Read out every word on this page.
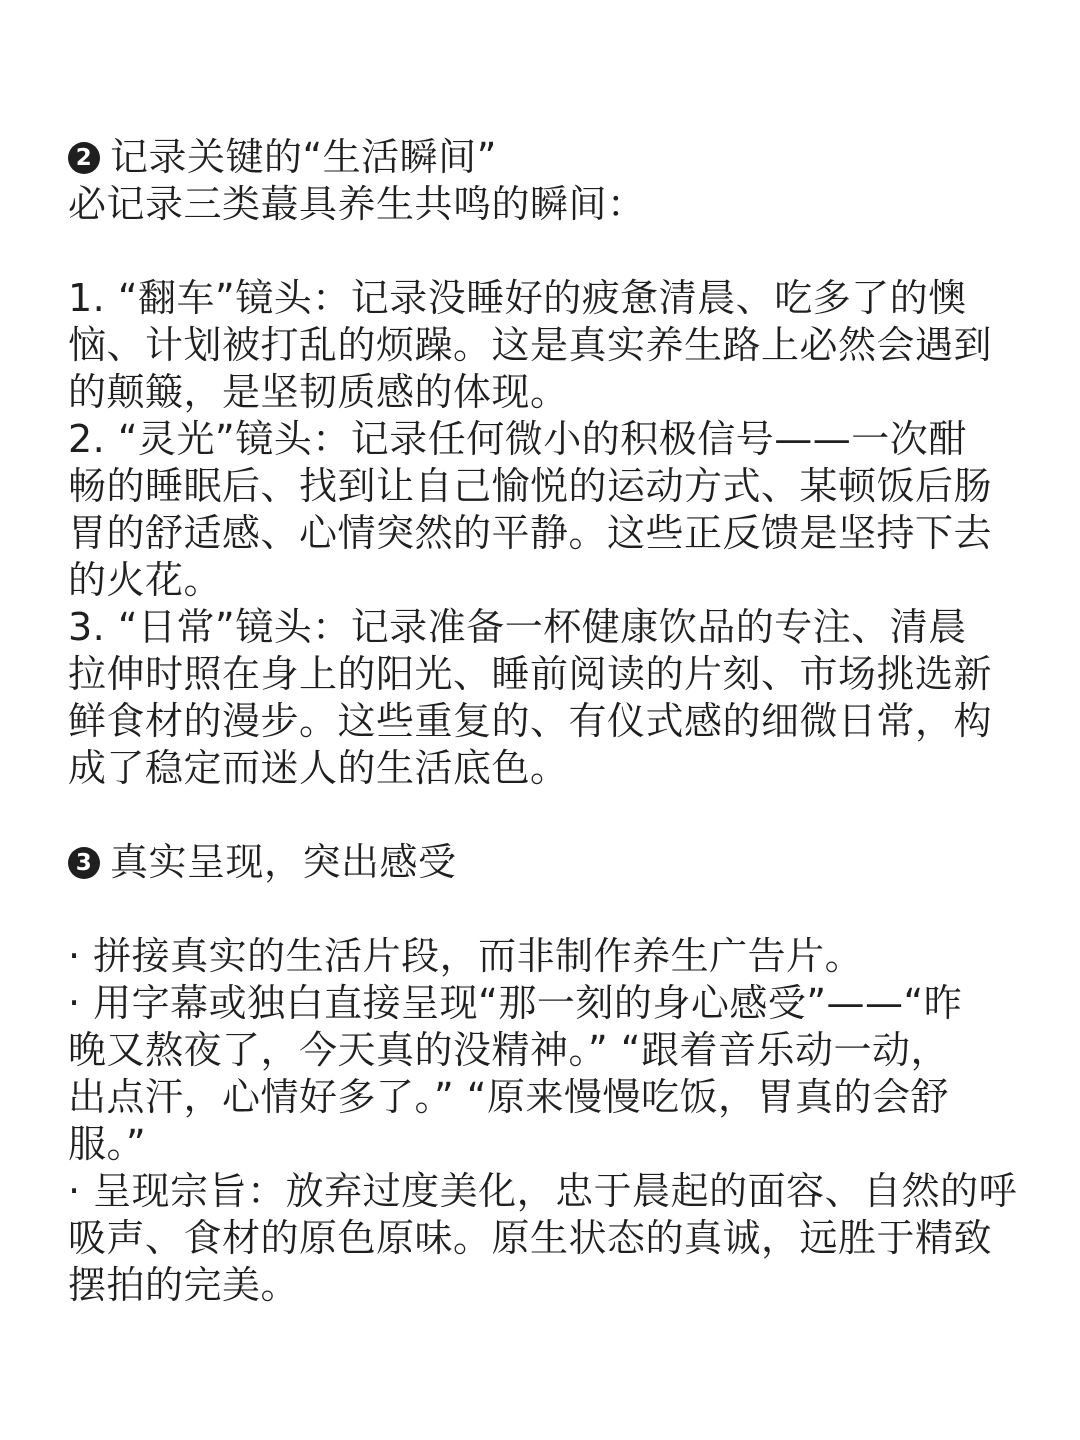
2 记录关键的“生活瞬间”
必记录三类蕞具养生共鸣的瞬间：
1. “翻车”镜头：记录没睡好的疲惫清晨、吃多了的懊
恼、计划被打乱的烦躁。这是真实养生路上必然会遇到
的颠簸，是坚韧质感的体现。
2. “灵光”镜头：记录任何微小的积极信号——一次酣
畅的睡眠后、找到让自己愉悦的运动方式、某顿饭后肠
胃的舒适感、心情突然的平静。这些正反馈是坚持下去
的火花。
3. “日常”镜头：记录准备一杯健康饮品的专注、清晨
拉伸时照在身上的阳光、睡前阅读的片刻、市场挑选新
鲜食材的漫步。这些重复的、有仪式感的细微日常，构
成了稳定而迷人的生活底色。
3 真实呈现，突出感受
· 拼接真实的生活片段，而非制作养生广告片。
· 用字幕或独白直接呈现“那一刻的身心感受”——“昨
晚又熬夜了，今天真的没精神。” “跟着音乐动一动，
出点汗，心情好多了。” “原来慢慢吃饭，胃真的会舒
服。”
· 呈现宗旨：放弃过度美化，忠于晨起的面容、自然的呼
吸声、食材的原色原味。原生状态的真诚，远胜于精致
摆拍的完美。
